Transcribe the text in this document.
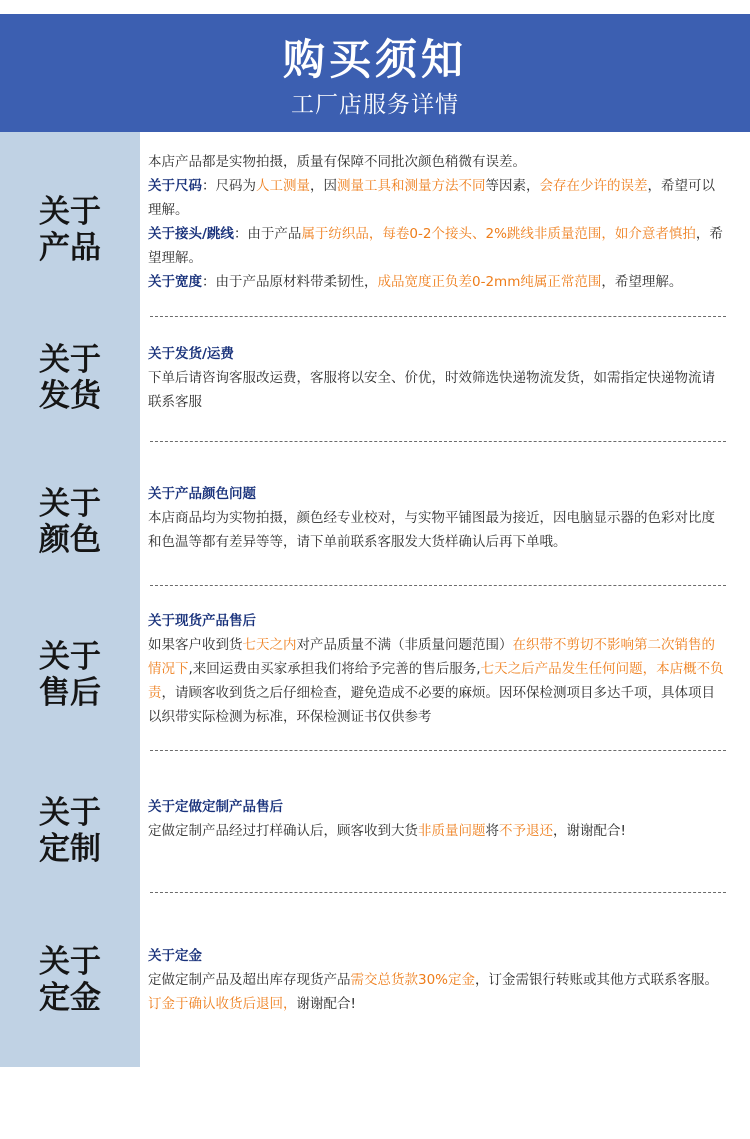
购买须知
工厂店服务详情
关于
产品

本店产品都是实物拍摄，质量有保障不同批次颜色稍微有误差。

关于尺码：尺码为人工测量，因测量工具和测量方法不同等因素，会存在少许的误差，希望可以理解。

关于接头/跳线：由于产品属于纺织品，每卷0-2个接头、2%跳线非质量范围，如介意者慎拍，希望理解。

关于宽度：由于产品原材料带柔韧性，成品宽度正负差0-2mm纯属正常范围，希望理解。

关于
发货

关于发货/运费

下单后请咨询客服改运费，客服将以安全、价优，时效筛选快递物流发货，如需指定快递物流请联系客服

关于
颜色

关于产品颜色问题

本店商品均为实物拍摄，颜色经专业校对，与实物平铺图最为接近，因电脑显示器的色彩对比度和色温等都有差异等等，请下单前联系客服发大货样确认后再下单哦。

关于
售后

关于现货产品售后

如果客户收到货七天之内对产品质量不满（非质量问题范围）在织带不剪切不影响第二次销售的情况下,来回运费由买家承担我们将给予完善的售后服务,七天之后产品发生任何问题，本店概不负责，请顾客收到货之后仔细检查，避免造成不必要的麻烦。因环保检测项目多达千项，具体项目以织带实际检测为标准，环保检测证书仅供参考

关于
定制

关于定做定制产品售后

定做定制产品经过打样确认后，顾客收到大货非质量问题将不予退还，谢谢配合!

关于
定金

关于定金

定做定制产品及超出库存现货产品需交总货款30%定金，订金需银行转账或其他方式联系客服。订金于确认收货后退回，谢谢配合!
